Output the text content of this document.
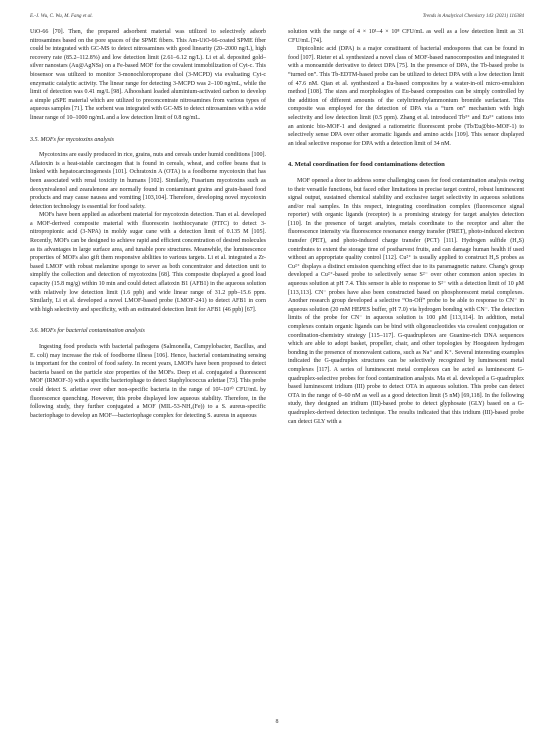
E.-J. Wu, C. Wu, M. Fang et al.	Trends in Analytical Chemistry 143 (2021) 116384

UiO-66 [70]. Then, the prepared adsorbent material was utilized to selectively adsorb nitrosamines based on the pore spaces of the SPME fibers. This Am-UiO-66-coated SPME fiber could be integrated with GC-MS to detect nitrosamines with good linearity (20–2000 ng/L), high recovery rate (85.2–112.8%) and low detection limit (2.61–6.12 ng/L). Li et al. deposited gold–silver nanostars (Au@AgNSs) on a Fe-based MOF for the covalent immobilization of Cyt-c. This biosensor was utilized to monitor 3-monochloropropane diol (3-MCPD) via evaluating Cyt-c enzymatic catalytic activity. The linear range for detecting 3-MCPD was 2–100 ng/mL, while the limit of detection was 0.41 mg/L [98]. Alhooshani loaded aluminium-activated carbon to develop a simple μSPE material which are utilized to preconcentrate nitrosamines from various types of aqueous samples [71]. The sorbent was integrated with GC-MS to detect nitrosamines with a wide linear range of 10–1000 ng/mL and a low detection limit of 0.8 ng/mL.

3.5. MOFs for mycotoxins analysis

Mycotoxins are easily produced in rice, grains, nuts and cereals under humid conditions [100]. Aflatoxin is a heat-stable carcinogen that is found in cereals, wheat, and coffee beans that is linked with hepatocarcinogenesis [101]. Ochratoxin A (OTA) is a foodborne mycotoxin that has been associated with renal toxicity in humans [102]. Similarly, Fusarium mycotoxins such as deoxynivalenol and zearalenone are normally found in contaminant grains and grain-based food products and may cause nausea and vomiting [103,104]. Therefore, developing novel mycotoxin detection technology is essential for food safety.

MOFs have been applied as adsorbent material for mycotoxin detection. Tian et al. developed a MOF-derived composite material with fluorescein isothiocyanate (FITC) to detect 3-nitropropionic acid (3-NPA) in moldy sugar cane with a detection limit of 0.135 M [105]. Recently, MOFs can be designed to achieve rapid and efficient concentration of desired molecules as its advantages in large surface area, and tunable pore structures. Meanwhile, the luminescence properties of MOFs also gift them responsive abilities to various targets. Li et al. integrated a Zr-based LMOF with robust melamine sponge to sever as both concentrator and detection unit to simplify the collection and detection of mycotoxins [68]. This composite displayed a good load capacity (15.8 mg/g) within 10 min and could detect aflatoxin B1 (AFB1) in the aqueous solution with relatively low detection limit (1.6 ppb) and wide linear range of 31.2 ppb–15.6 ppm. Similarly, Li et al. developed a novel LMOF-based probe (LMOF-241) to detect AFB1 in corn with high selectivity and specificity, with an estimated detection limit for AFB1 (46 ppb) [67].

3.6. MOFs for bacterial contamination analysis

Ingesting food products with bacterial pathogens (Salmonella, Campylobacter, Bacillus, and E. coli) may increase the risk of foodborne illness [106]. Hence, bacterial contaminating sensing is important for the control of food safety. In recent years, LMOFs have been proposed to detect bacteria based on the particle size properties of the MOFs. Deep et al. conjugated a fluorescent MOF (IRMOF-3) with a specific bacteriophage to detect Staphylococcus arlettae [73]. This probe could detect S. arlettae over other non-specific bacteria in the range of 10²–10¹⁰ CFU/mL by fluorescence quenching. However, this probe displayed low aqueous stability. Therefore, in the following study, they further conjugated a MOF (MIL-53-NH₂(Fe)) to a S. aureus-specific bacteriophage to develop an MOF—bacteriophage complex for detecting S. aureus in aqueous

solution with the range of 4 × 10¹–4 × 10⁸ CFU/mL as well as a low detection limit as 31 CFU/mL [74].

Dipicolinic acid (DPA) is a major constituent of bacterial endospores that can be found in food [107]. Rieter et al. synthesized a novel class of MOF-based nanocomposites and integrated it with a monoamide derivative to detect DPA [75]. In the presence of DPA, the Tb-based probe is “turned on”. This Tb-EDTM-based probe can be utilized to detect DPA with a low detection limit of 47.6 nM. Qian et al. synthesized a Eu-based composites by a water-in-oil micro-emulsion method [108]. The sizes and morphologies of Eu-based composites can be simply controlled by the addition of different amounts of the cetyltrimethylammonium bromide surfactant. This composite was employed for the detection of DPA via a “turn on” mechanism with high selectivity and low detection limit (0.5 ppm). Zhang et al. introduced Tb³⁺ and Eu³⁺ cations into an anionic bio-MOF-1 and designed a ratiometric fluorescent probe (Tb/Eu@bio-MOF-1) to selectively sense DPA over other aromatic ligands and amino acids [109]. This sensor displayed an ideal selective response for DPA with a detection limit of 34 nM.

4. Metal coordination for food contaminations detection

MOF opened a door to address some challenging cases for food contamination analysis owing to their versatile functions, but faced other limitations in precise target control, robust luminescent signal output, sustained chemical stability and exclusive target selectivity in aqueous solutions and/or real samples. In this respect, integrating coordination complex (fluorescence signal reporter) with organic ligands (receptor) is a promising strategy for target analytes detection [110]. In the presence of target analytes, metals coordinate to the receptor and alter the fluorescence intensity via fluorescence resonance energy transfer (FRET), photo-induced electron transfer (PET), and photo-induced charge transfer (PCT) [111]. Hydrogen sulfide (H₂S) contributes to extent the storage time of postharvest fruits, and can damage human health if used without an appropriate quality control [112]. Cu²⁺ is usually applied to construct H₂S probes as Cu²⁺ displays a distinct emission quenching effect due to its paramagnetic nature. Chang's group developed a Cu²⁺-based probe to selectively sense S²⁻ over other common anion species in aqueous solution at pH 7.4. This sensor is able to response to S²⁻ with a detection limit of 10 μM [113,113]. CN⁻ probes have also been constructed based on phosphorescent metal complexes. Another research group developed a selective “On-Off” probe to be able to response to CN⁻ in aqueous solution (20 mM HEPES buffer, pH 7.0) via hydrogen bonding with CN⁻. The detection limits of the probe for CN⁻ in aqueous solution is 100 μM [113,114]. In addition, metal complexes contain organic ligands can be bind with oligonucleotides via covalent conjugation or coordination-chemistry strategy [115–117]. G-quadruplexes are Guanine-rich DNA sequences which are able to adopt basket, propeller, chair, and other topologies by Hoogsteen hydrogen bonding in the presence of monovalent cations, such as Na⁺ and K⁺. Several interesting examples indicated the G-quadruplex structures can be selectively recognized by luminescent metal complexes [117]. A series of luminescent metal complexes can be acted as luminescent G-quadruplex-selective probes for food contamination analysis. Ma et al. developed a G-quadruplex based luminescent iridium (III) probe to detect OTA in aqueous solution. This probe can detect OTA in the range of 0–60 nM as well as a good detection limit (5 nM) [69,118]. In the following study, they designed an iridium (III)-based probe to detect glyphosate (GLY) based on a G-quadruplex-derived detection technique. The results indicated that this iridium (III)-based probe can detect GLY with a

8
